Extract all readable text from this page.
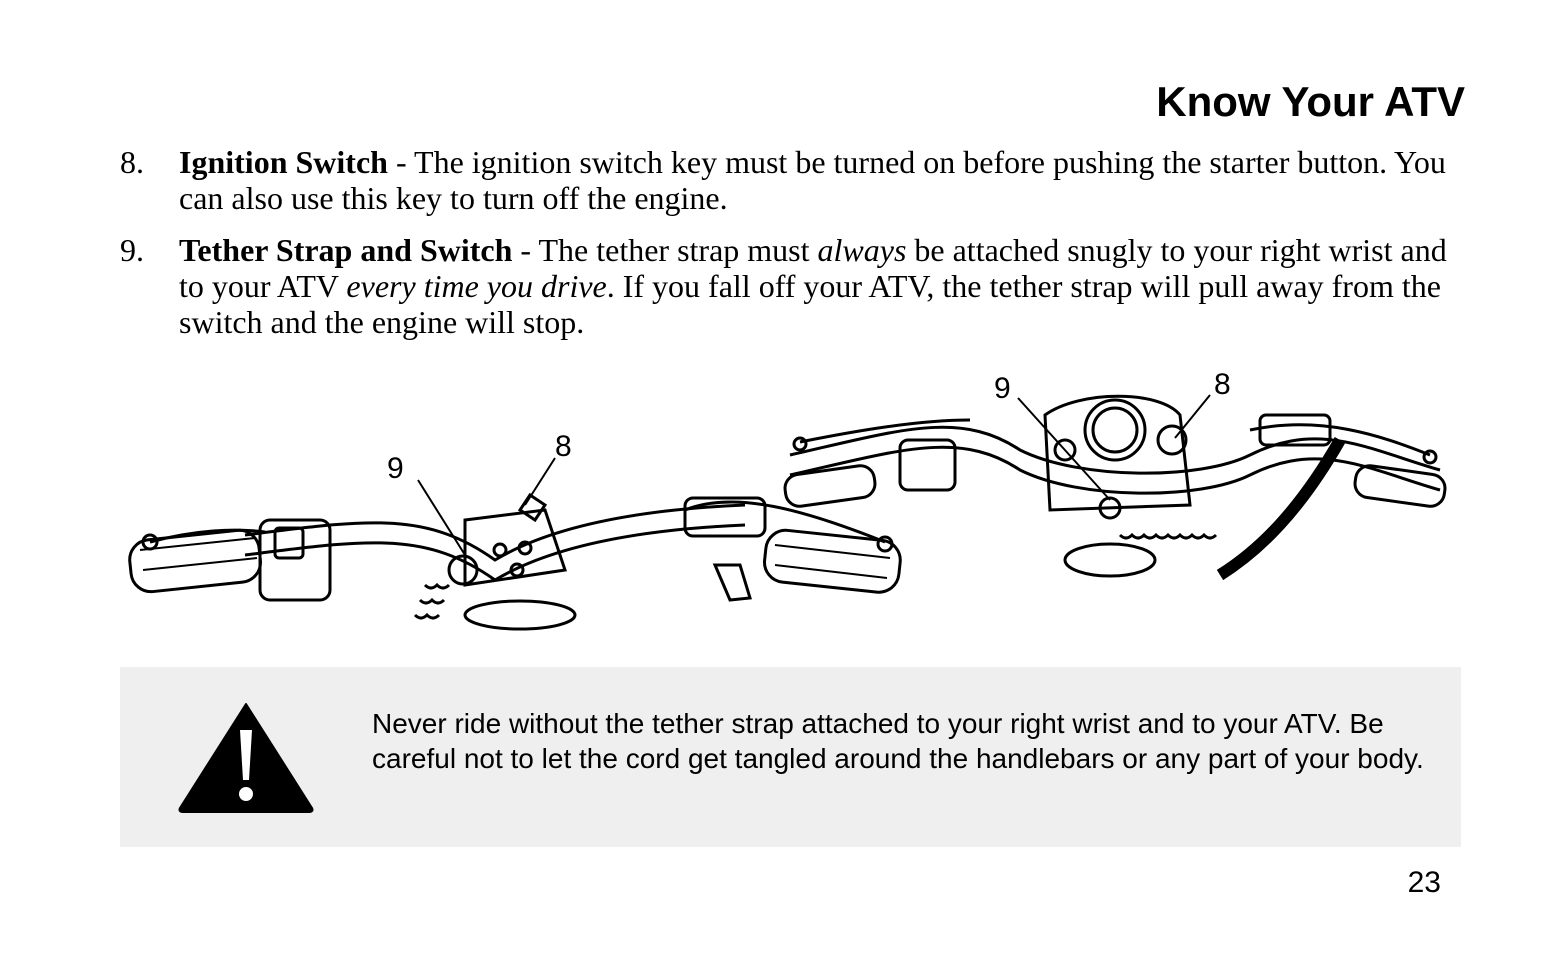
Know Your ATV
8. Ignition Switch - The ignition switch key must be turned on before pushing the starter button. You can also use this key to turn off the engine.
9. Tether Strap and Switch - The tether strap must always be attached snugly to your right wrist and to your ATV every time you drive. If you fall off your ATV, the tether strap will pull away from the switch and the engine will stop.
9
8
9	8
Never ride without the tether strap attached to your right wrist and to your ATV. Be careful not to let the cord get tangled around the handlebars or any part of your body.
23
